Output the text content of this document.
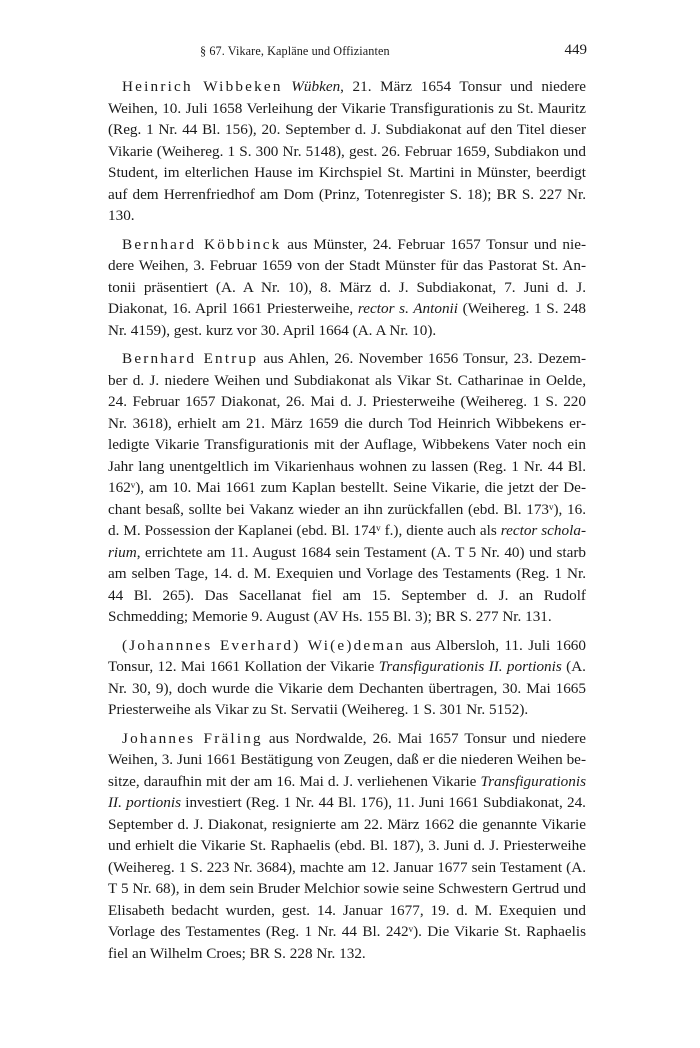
§ 67. Vikare, Kapläne und Offizianten	449

Heinrich Wibbeken Wübken, 21. März 1654 Tonsur und niedere Weihen, 10. Juli 1658 Verleihung der Vikarie Transfigurationis zu St. Mauritz (Reg. 1 Nr. 44 Bl. 156), 20. September d. J. Subdiakonat auf den Titel dieser Vikarie (Weihereg. 1 S. 300 Nr. 5148), gest. 26. Februar 1659, Subdiakon und Student, im elterlichen Hause im Kirchspiel St. Martini in Münster, beerdigt auf dem Herrenfriedhof am Dom (Prinz, Totenregister S. 18); BR S. 227 Nr. 130.

Bernhard Köbbinck aus Münster, 24. Februar 1657 Tonsur und niedere Weihen, 3. Februar 1659 von der Stadt Münster für das Pastorat St. Antonii präsentiert (A. A Nr. 10), 8. März d. J. Subdiakonat, 7. Juni d. J. Diakonat, 16. April 1661 Priesterweihe, rector s. Antonii (Weihereg. 1 S. 248 Nr. 4159), gest. kurz vor 30. April 1664 (A. A Nr. 10).

Bernhard Entrup aus Ahlen, 26. November 1656 Tonsur, 23. Dezember d. J. niedere Weihen und Subdiakonat als Vikar St. Catharinae in Oelde, 24. Februar 1657 Diakonat, 26. Mai d. J. Priesterweihe (Weihereg. 1 S. 220 Nr. 3618), erhielt am 21. März 1659 die durch Tod Heinrich Wibbekens erledigte Vikarie Transfigurationis mit der Auflage, Wibbekens Vater noch ein Jahr lang unentgeltlich im Vikarienhaus wohnen zu lassen (Reg. 1 Nr. 44 Bl. 162ᵛ), am 10. Mai 1661 zum Kaplan bestellt. Seine Vikarie, die jetzt der Dechant besaß, sollte bei Vakanz wieder an ihn zurückfallen (ebd. Bl. 173ᵛ), 16. d. M. Possession der Kaplanei (ebd. Bl. 174ᵛ f.), diente auch als rector scholarium, errichtete am 11. August 1684 sein Testament (A. T 5 Nr. 40) und starb am selben Tage, 14. d. M. Exequien und Vorlage des Testaments (Reg. 1 Nr. 44 Bl. 265). Das Sacellanat fiel am 15. September d. J. an Rudolf Schmedding; Memorie 9. August (AV Hs. 155 Bl. 3); BR S. 277 Nr. 131.

(Johannnes Everhard) Wi(e)deman aus Albersloh, 11. Juli 1660 Tonsur, 12. Mai 1661 Kollation der Vikarie Transfigurationis II. portionis (A. Nr. 30, 9), doch wurde die Vikarie dem Dechanten übertragen, 30. Mai 1665 Priesterweihe als Vikar zu St. Servatii (Weihereg. 1 S. 301 Nr. 5152).

Johannes Fräling aus Nordwalde, 26. Mai 1657 Tonsur und niedere Weihen, 3. Juni 1661 Bestätigung von Zeugen, daß er die niederen Weihen besitze, daraufhin mit der am 16. Mai d. J. verliehenen Vikarie Transfigurationis II. portionis investiert (Reg. 1 Nr. 44 Bl. 176), 11. Juni 1661 Subdiakonat, 24. September d. J. Diakonat, resignierte am 22. März 1662 die genannte Vikarie und erhielt die Vikarie St. Raphaelis (ebd. Bl. 187), 3. Juni d. J. Priesterweihe (Weihereg. 1 S. 223 Nr. 3684), machte am 12. Januar 1677 sein Testament (A. T 5 Nr. 68), in dem sein Bruder Melchior sowie seine Schwestern Gertrud und Elisabeth bedacht wurden, gest. 14. Januar 1677, 19. d. M. Exequien und Vorlage des Testamentes (Reg. 1 Nr. 44 Bl. 242ᵛ). Die Vikarie St. Raphaelis fiel an Wilhelm Croes; BR S. 228 Nr. 132.
